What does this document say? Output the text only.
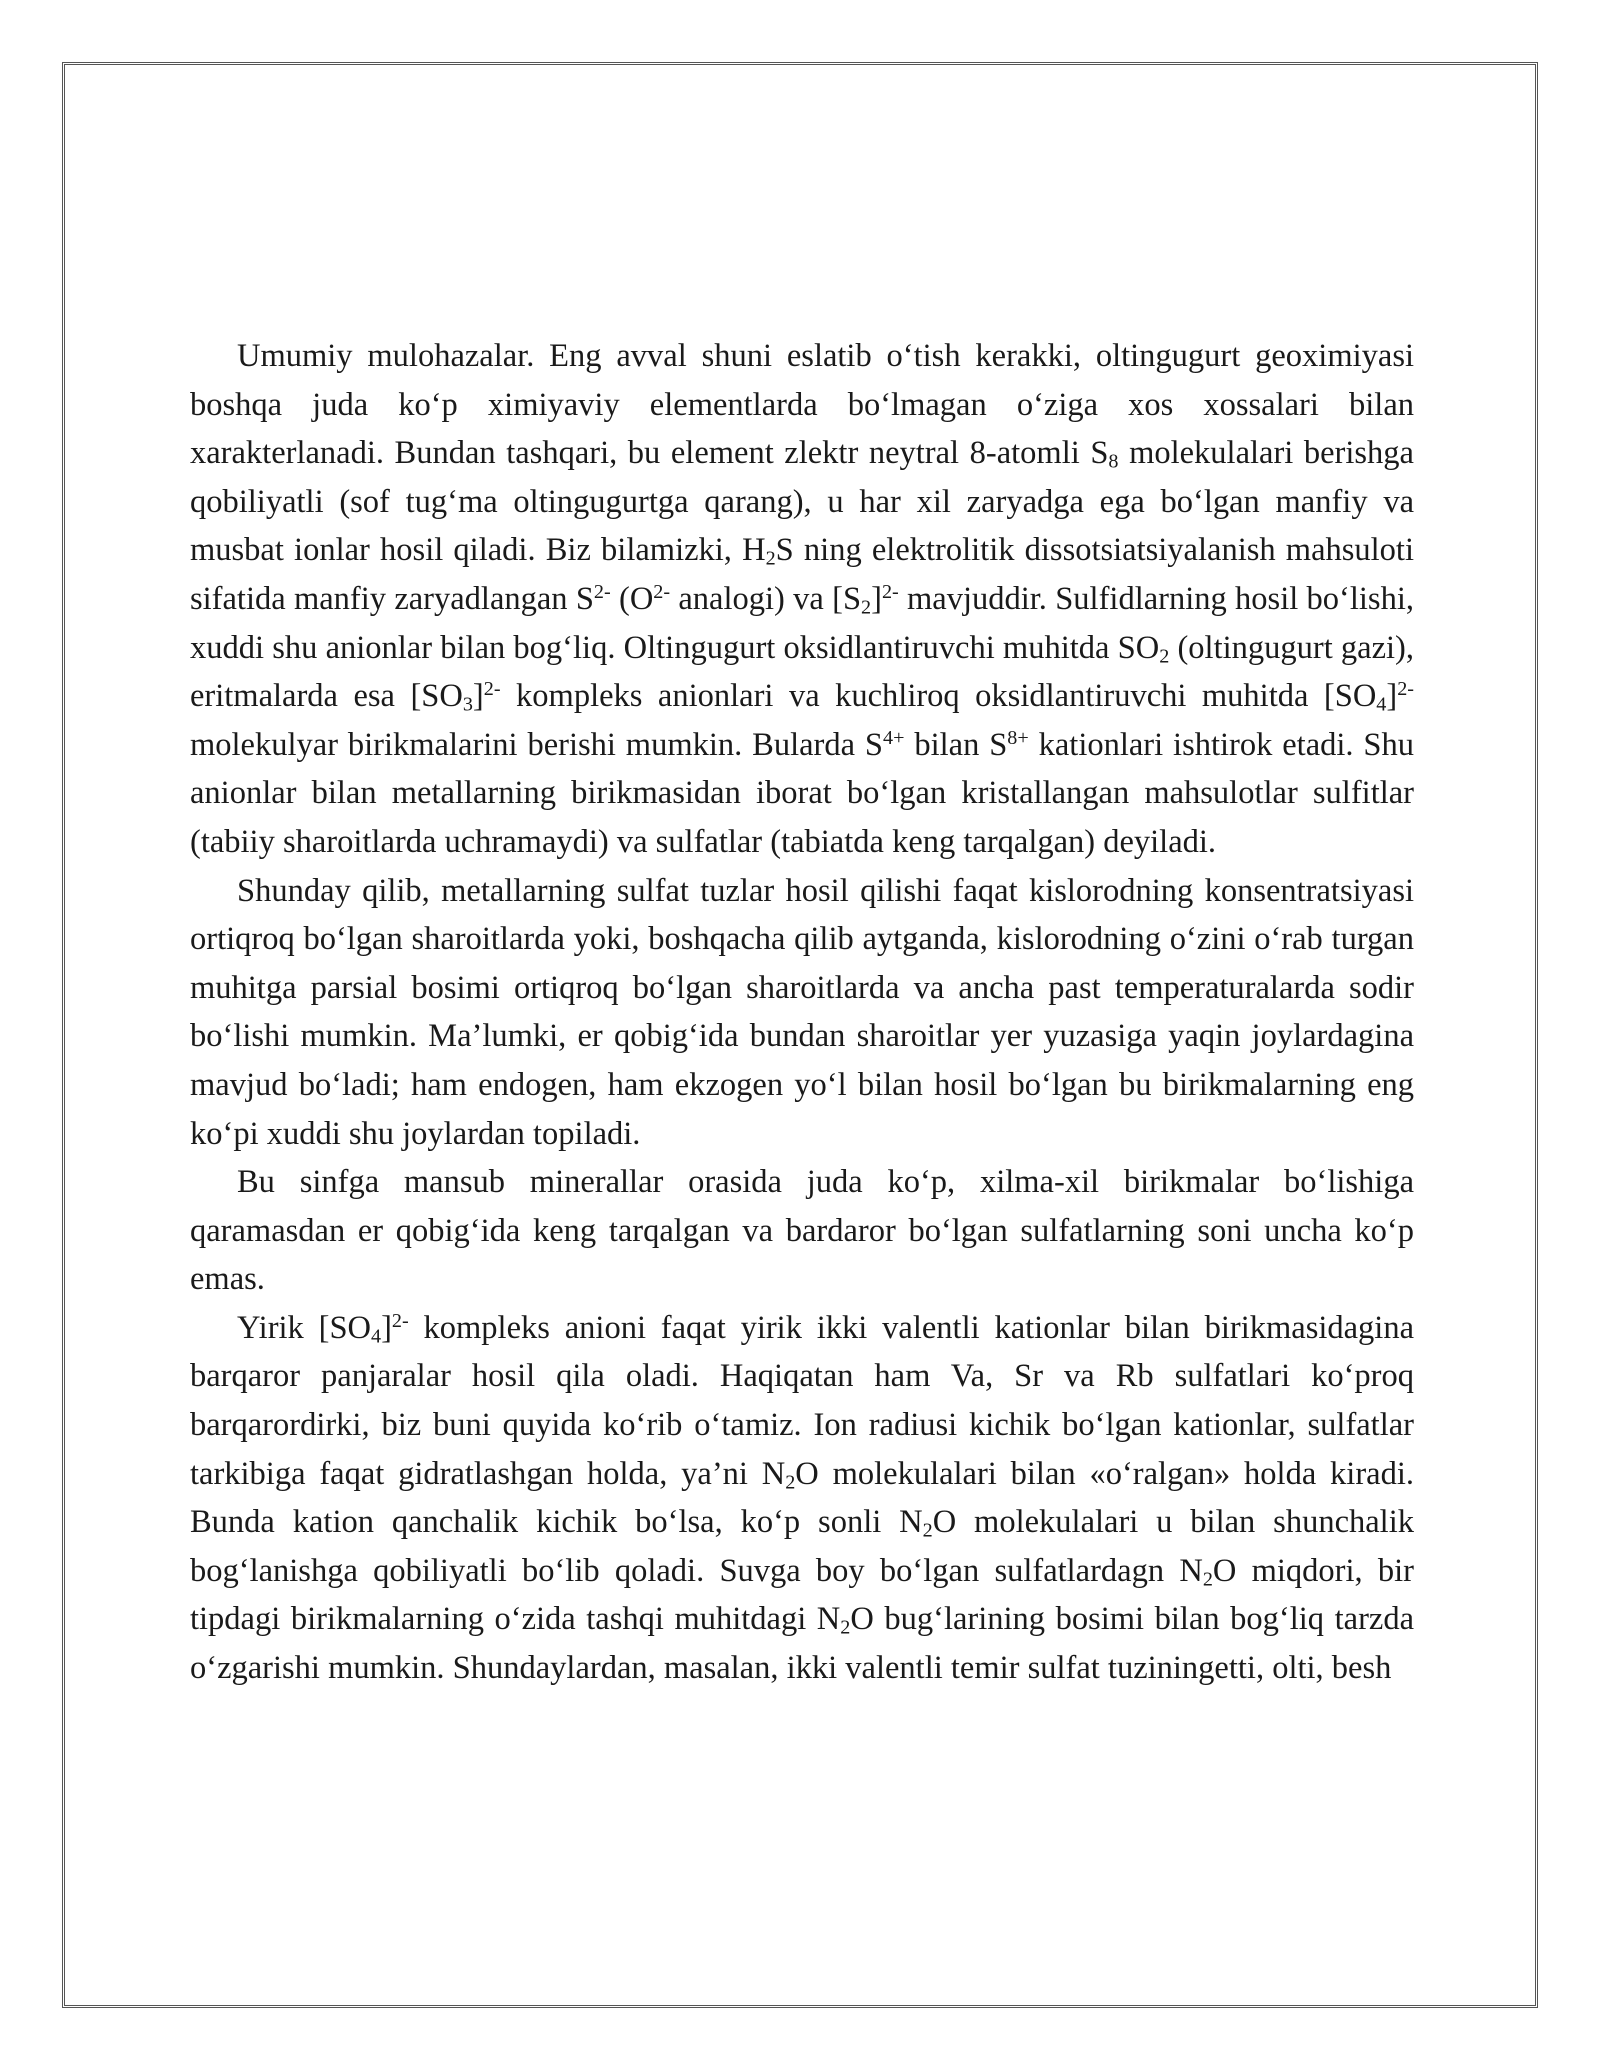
Umumiy mulohazalar. Eng avval shuni eslatib o‘tish kerakki, oltingugurt geoximiyasi boshqa juda ko‘p ximiyaviy elementlarda bo‘lmagan o‘ziga xos xossalari bilan xarakterlanadi. Bundan tashqari, bu element zlektr neytral 8-atomli $S_8$ molekulalari berishga qobiliyatli (sof tug‘ma oltingugurtga qarang), u har xil zaryadga ega bo‘lgan manfiy va musbat ionlar hosil qiladi. Biz bilamizki, $H_2S$ ning elektrolitik dissotsiatsiyalanish mahsuloti sifatida manfiy zaryadlangan $S^{2-}$ ($O^{2-}$ analogi) va $[S_2]^{2-}$ mavjuddir. Sulfidlarning hosil bo‘lishi, xuddi shu anionlar bilan bog‘liq. Oltingugurt oksidlantiruvchi muhitda $SO_2$ (oltingugurt gazi), eritmalarda esa $[SO_3]^{2-}$ kompleks anionlari va kuchliroq oksidlantiruvchi muhitda $[SO_4]^{2-}$ molekulyar birikmalarini berishi mumkin. Bularda $S^{4+}$ bilan $S^{8+}$ kationlari ishtirok etadi. Shu anionlar bilan metallarning birikmasidan iborat bo‘lgan kristallangan mahsulotlar sulfitlar (tabiiy sharoitlarda uchramaydi) va sulfatlar (tabiatda keng tarqalgan) deyiladi.

Shunday qilib, metallarning sulfat tuzlar hosil qilishi faqat kislorodning konsentratsiyasi ortiqroq bo‘lgan sharoitlarda yoki, boshqacha qilib aytganda, kislorodning o‘zini o‘rab turgan muhitga parsial bosimi ortiqroq bo‘lgan sharoitlarda va ancha past temperaturalarda sodir bo‘lishi mumkin. Ma’lumki, er qobig‘ida bundan sharoitlar yer yuzasiga yaqin joylardagina mavjud bo‘ladi; ham endogen, ham ekzogen yo‘l bilan hosil bo‘lgan bu birikmalarning eng ko‘pi xuddi shu joylardan topiladi.

Bu sinfga mansub minerallar orasida juda ko‘p, xilma-xil birikmalar bo‘lishiga qaramasdan er qobig‘ida keng tarqalgan va bardaror bo‘lgan sulfatlarning soni uncha ko‘p emas.

Yirik $[SO_4]^{2-}$ kompleks anioni faqat yirik ikki valentli kationlar bilan birikmasidagina barqaror panjaralar hosil qila oladi. Haqiqatan ham Va, Sr va Rb sulfatlari ko‘proq barqarordirki, biz buni quyida ko‘rib o‘tamiz. Ion radiusi kichik bo‘lgan kationlar, sulfatlar tarkibiga faqat gidratlashgan holda, ya’ni $N_2O$ molekulalari bilan «o‘ralgan» holda kiradi. Bunda kation qanchalik kichik bo‘lsa, ko‘p sonli $N_2O$ molekulalari u bilan shunchalik bog‘lanishga qobiliyatli bo‘lib qoladi. Suvga boy bo‘lgan sulfatlardagn $N_2O$ miqdori, bir tipdagi birikmalarning o‘zida tashqi muhitdagi $N_2O$ bug‘larining bosimi bilan bog‘liq tarzda o‘zgarishi mumkin. Shundaylardan, masalan, ikki valentli temir sulfat tuziningetti, olti, besh
